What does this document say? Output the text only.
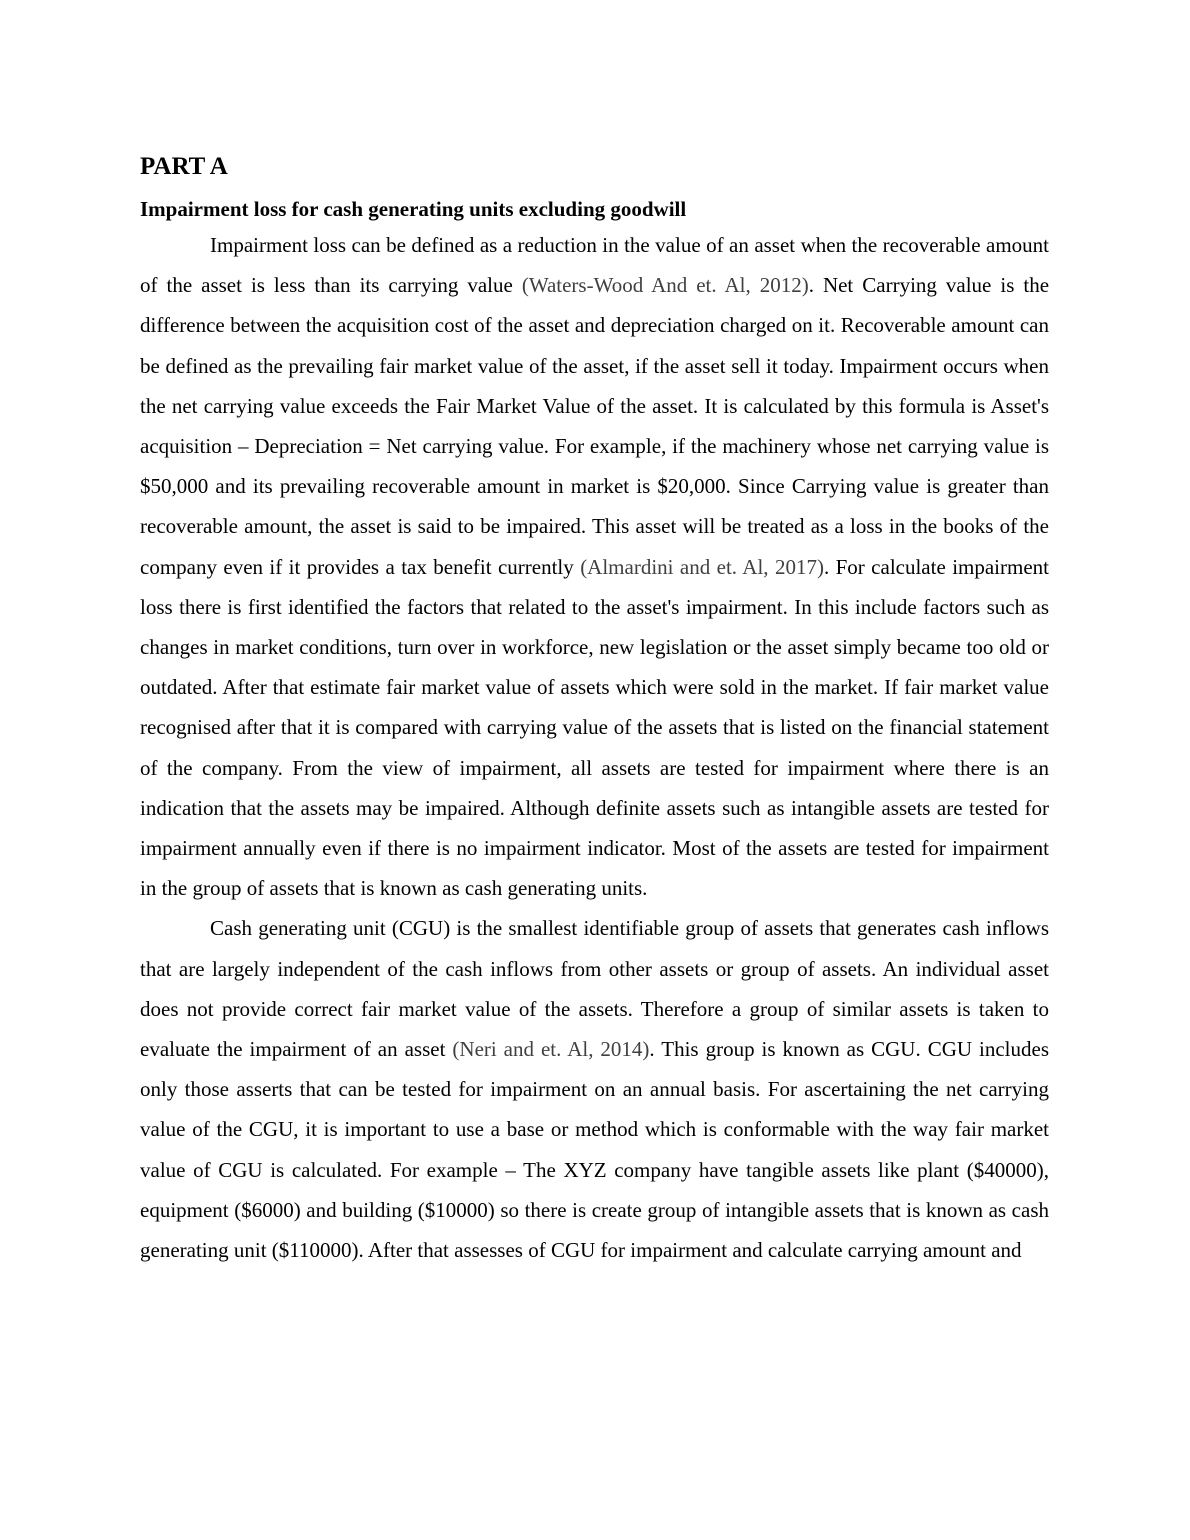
PART A
Impairment loss for cash generating units excluding goodwill

Impairment loss can be defined as a reduction in the value of an asset when the recoverable amount of the asset is less than its carrying value (Waters-Wood And et. Al, 2012). Net Carrying value is the difference between the acquisition cost of the asset and depreciation charged on it. Recoverable amount can be defined as the prevailing fair market value of the asset, if the asset sell it today. Impairment occurs when the net carrying value exceeds the Fair Market Value of the asset. It is calculated by this formula is Asset's acquisition – Depreciation = Net carrying value. For example, if the machinery whose net carrying value is $50,000 and its prevailing recoverable amount in market is $20,000. Since Carrying value is greater than recoverable amount, the asset is said to be impaired. This asset will be treated as a loss in the books of the company even if it provides a tax benefit currently (Almardini and et. Al, 2017). For calculate impairment loss there is first identified the factors that related to the asset's impairment. In this include factors such as changes in market conditions, turn over in workforce, new legislation or the asset simply became too old or outdated. After that estimate fair market value of assets which were sold in the market. If fair market value recognised after that it is compared with carrying value of the assets that is listed on the financial statement of the company. From the view of impairment, all assets are tested for impairment where there is an indication that the assets may be impaired. Although definite assets such as intangible assets are tested for impairment annually even if there is no impairment indicator. Most of the assets are tested for impairment in the group of assets that is known as cash generating units.

Cash generating unit (CGU) is the smallest identifiable group of assets that generates cash inflows that are largely independent of the cash inflows from other assets or group of assets. An individual asset does not provide correct fair market value of the assets. Therefore a group of similar assets is taken to evaluate the impairment of an asset (Neri and et. Al, 2014). This group is known as CGU. CGU includes only those asserts that can be tested for impairment on an annual basis. For ascertaining the net carrying value of the CGU, it is important to use a base or method which is conformable with the way fair market value of CGU is calculated. For example – The XYZ company have tangible assets like plant ($40000), equipment ($6000) and building ($10000) so there is create group of intangible assets that is known as cash generating unit ($110000). After that assesses of CGU for impairment and calculate carrying amount and
